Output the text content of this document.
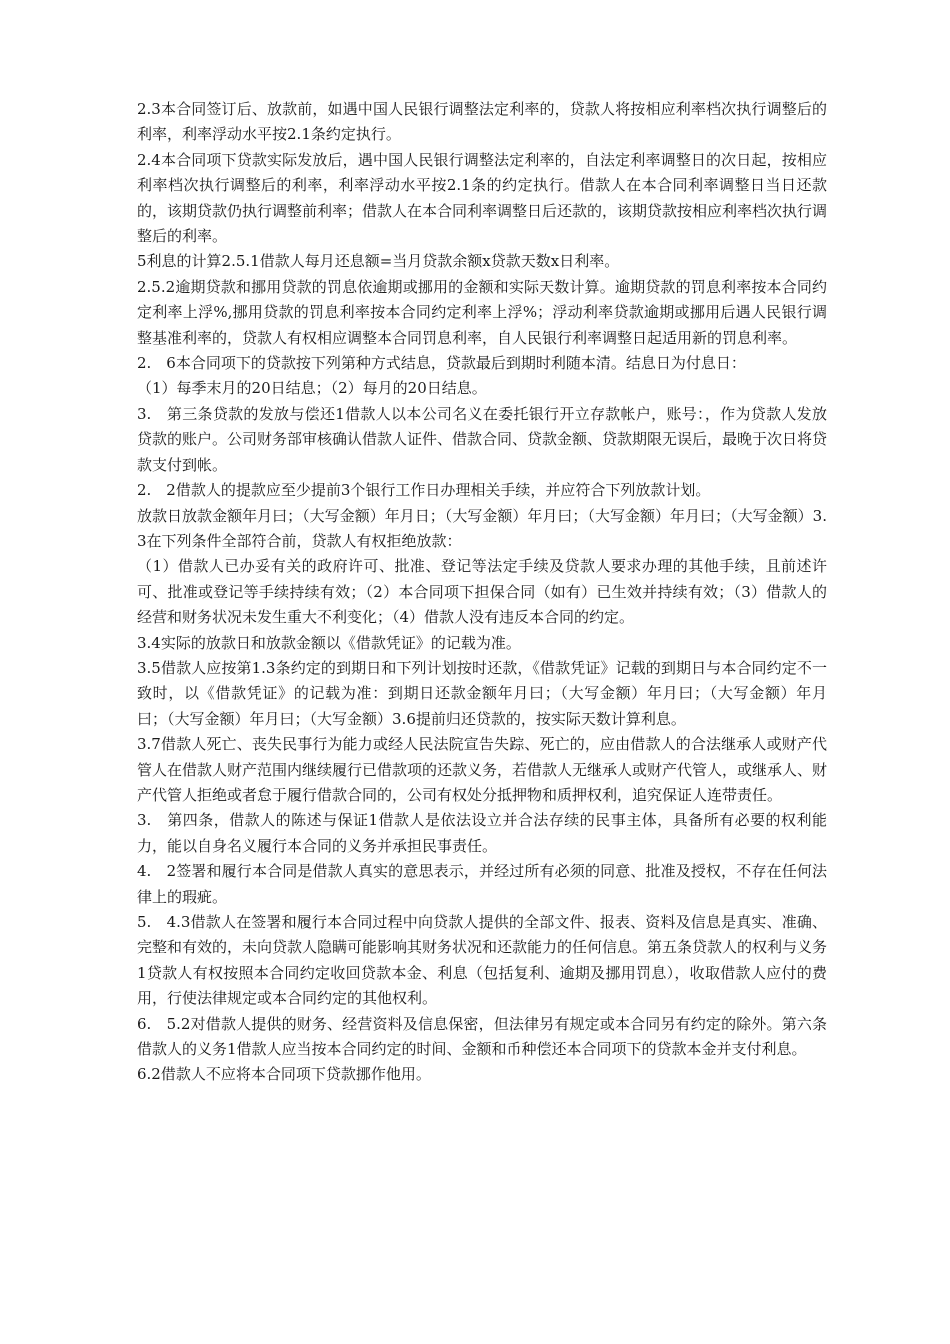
2.3本合同签订后、放款前，如遇中国人民银行调整法定利率的，贷款人将按相应利率档次执行调整后的利率，利率浮动水平按2.1条约定执行。

2.4本合同项下贷款实际发放后，遇中国人民银行调整法定利率的，自法定利率调整日的次日起，按相应利率档次执行调整后的利率，利率浮动水平按2.1条的约定执行。借款人在本合同利率调整日当日还款的，该期贷款仍执行调整前利率；借款人在本合同利率调整日后还款的，该期贷款按相应利率档次执行调整后的利率。

5利息的计算2.5.1借款人每月还息额=当月贷款余额x贷款天数x日利率。

2.5.2逾期贷款和挪用贷款的罚息依逾期或挪用的金额和实际天数计算。逾期贷款的罚息利率按本合同约定利率上浮%,挪用贷款的罚息利率按本合同约定利率上浮%；浮动利率贷款逾期或挪用后遇人民银行调整基准利率的，贷款人有权相应调整本合同罚息利率，自人民银行利率调整日起适用新的罚息利率。

2.　6本合同项下的贷款按下列第种方式结息，贷款最后到期时利随本清。结息日为付息日：

（1）每季末月的20日结息；（2）每月的20日结息。

3.　第三条贷款的发放与偿还1借款人以本公司名义在委托银行开立存款帐户，账号：，作为贷款人发放贷款的账户。公司财务部审核确认借款人证件、借款合同、贷款金额、贷款期限无误后，最晚于次日将贷款支付到帐。

2.　2借款人的提款应至少提前3个银行工作日办理相关手续，并应符合下列放款计划。

放款日放款金额年月曰；（大写金额）年月日；（大写金额）年月曰；（大写金额）年月曰；（大写金额）3.3在下列条件全部符合前，贷款人有权拒绝放款：

（1）借款人已办妥有关的政府许可、批准、登记等法定手续及贷款人要求办理的其他手续，且前述许可、批准或登记等手续持续有效；（2）本合同项下担保合同（如有）已生效并持续有效；（3）借款人的经营和财务状况未发生重大不利变化；（4）借款人没有违反本合同的约定。

3.4实际的放款日和放款金额以《借款凭证》的记载为准。

3.5借款人应按第1.3条约定的到期日和下列计划按时还款，《借款凭证》记载的到期日与本合同约定不一致时，以《借款凭证》的记载为准：到期日还款金额年月曰；（大写金额）年月曰；（大写金额）年月曰；（大写金额）年月曰；（大写金额）3.6提前归还贷款的，按实际天数计算利息。

3.7借款人死亡、丧失民事行为能力或经人民法院宣告失踪、死亡的，应由借款人的合法继承人或财产代管人在借款人财产范围内继续履行已借款项的还款义务，若借款人无继承人或财产代管人，或继承人、财产代管人拒绝或者怠于履行借款合同的，公司有权处分抵押物和质押权利，追究保证人连带责任。

3.　第四条，借款人的陈述与保证1借款人是依法设立并合法存续的民事主体，具备所有必要的权利能力，能以自身名义履行本合同的义务并承担民事责任。

4.　2签署和履行本合同是借款人真实的意思表示，并经过所有必须的同意、批准及授权，不存在任何法律上的瑕疵。

5.　4.3借款人在签署和履行本合同过程中向贷款人提供的全部文件、报表、资料及信息是真实、准确、完整和有效的，未向贷款人隐瞒可能影响其财务状况和还款能力的任何信息。第五条贷款人的权利与义务1贷款人有权按照本合同约定收回贷款本金、利息（包括复利、逾期及挪用罚息），收取借款人应付的费用，行使法律规定或本合同约定的其他权利。

6.　5.2对借款人提供的财务、经营资料及信息保密，但法律另有规定或本合同另有约定的除外。第六条借款人的义务1借款人应当按本合同约定的时间、金额和币种偿还本合同项下的贷款本金并支付利息。

6.2借款人不应将本合同项下贷款挪作他用。
